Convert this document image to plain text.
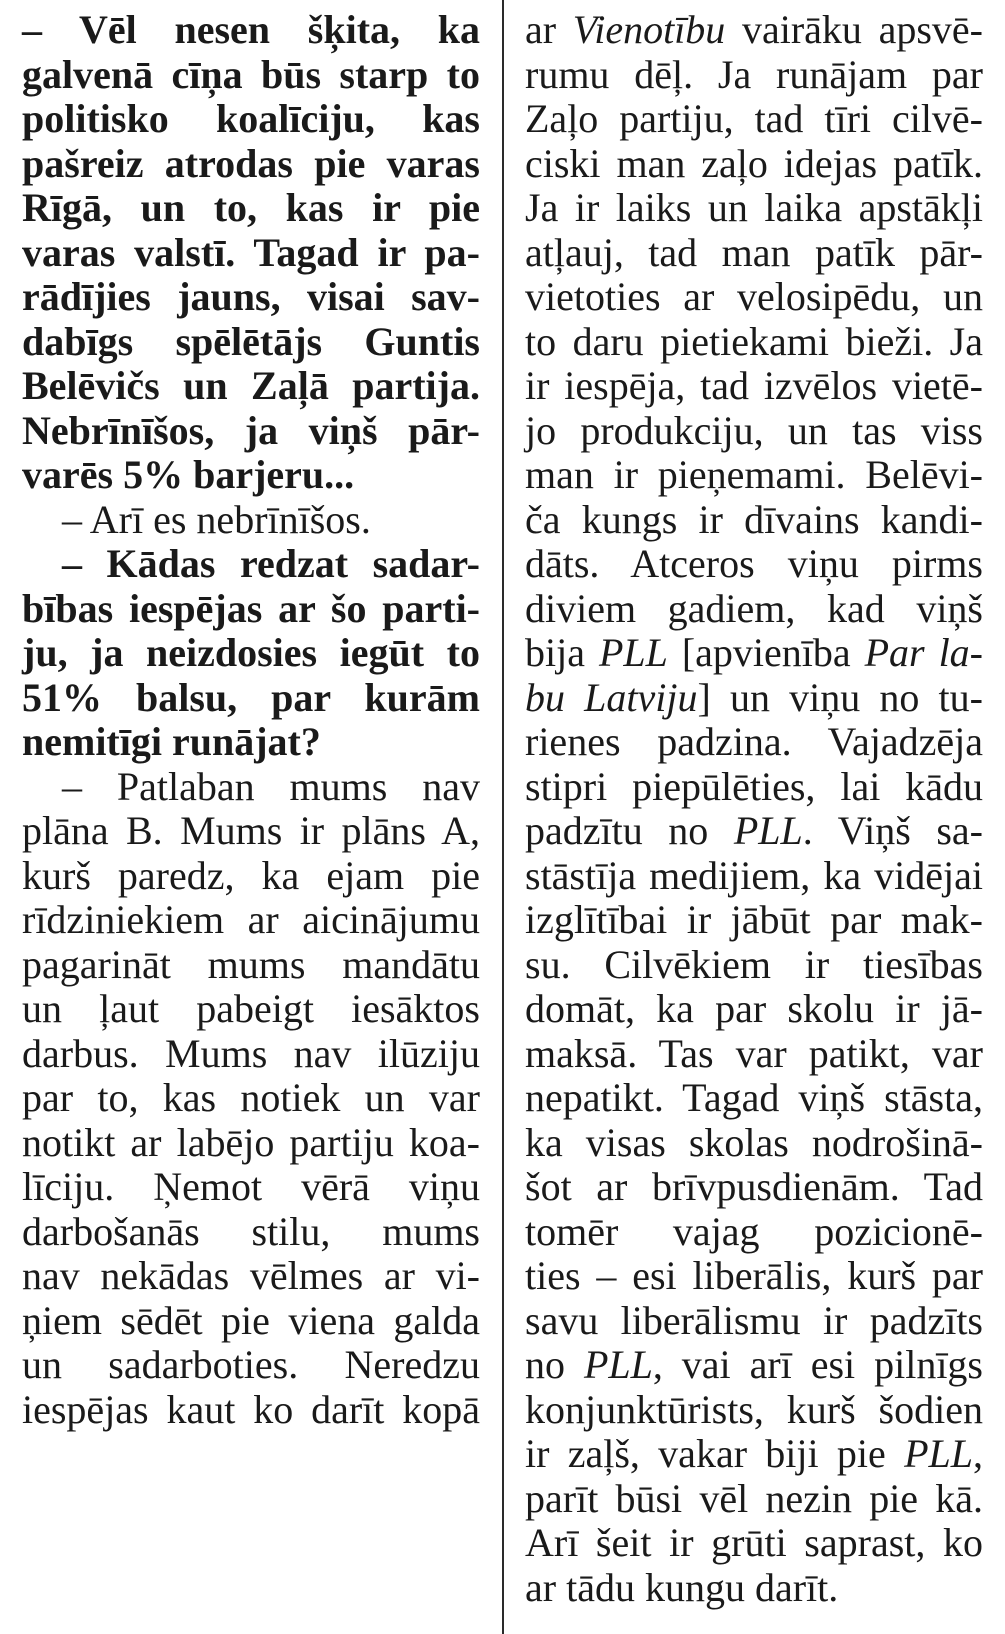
– Vēl nesen šķita, ka
galvenā cīņa būs starp to
politisko koalīciju, kas
pašreiz atrodas pie varas
Rīgā, un to, kas ir pie
varas valstī. Tagad ir pa-
rādījies jauns, visai sav-
dabīgs spēlētājs Guntis
Belēvičs un Zaļā partija.
Nebrīnīšos, ja viņš pār-
varēs 5% barjeru...
– Arī es nebrīnīšos.
– Kādas redzat sadar-
bības iespējas ar šo parti-
ju, ja neizdosies iegūt to
51% balsu, par kurām
nemitīgi runājat?
– Patlaban mums nav
plāna B. Mums ir plāns A,
kurš paredz, ka ejam pie
rīdziniekiem ar aicinājumu
pagarināt mums mandātu
un ļaut pabeigt iesāktos
darbus. Mums nav ilūziju
par to, kas notiek un var
notikt ar labējo partiju koa-
līciju. Ņemot vērā viņu
darbošanās stilu, mums
nav nekādas vēlmes ar vi-
ņiem sēdēt pie viena galda
un sadarboties. Neredzu
iespējas kaut ko darīt kopā
ar Vienotību vairāku apsvē-
rumu dēļ. Ja runājam par
Zaļo partiju, tad tīri cilvē-
ciski man zaļo idejas patīk.
Ja ir laiks un laika apstākļi
atļauj, tad man patīk pār-
vietoties ar velosipēdu, un
to daru pietiekami bieži. Ja
ir iespēja, tad izvēlos vietē-
jo produkciju, un tas viss
man ir pieņemami. Belēvi-
ča kungs ir dīvains kandi-
dāts. Atceros viņu pirms
diviem gadiem, kad viņš
bija PLL [apvienība Par la-
bu Latviju] un viņu no tu-
rienes padzina. Vajadzēja
stipri piepūlēties, lai kādu
padzītu no PLL. Viņš sa-
stāstīja medijiem, ka vidējai
izglītībai ir jābūt par mak-
su. Cilvēkiem ir tiesības
domāt, ka par skolu ir jā-
maksā. Tas var patikt, var
nepatikt. Tagad viņš stāsta,
ka visas skolas nodrošinā-
šot ar brīvpusdienām. Tad
tomēr vajag pozicionē-
ties – esi liberālis, kurš par
savu liberālismu ir padzīts
no PLL, vai arī esi pilnīgs
konjunktūrists, kurš šodien
ir zaļš, vakar biji pie PLL,
parīt būsi vēl nezin pie kā.
Arī šeit ir grūti saprast, ko
ar tādu kungu darīt.
